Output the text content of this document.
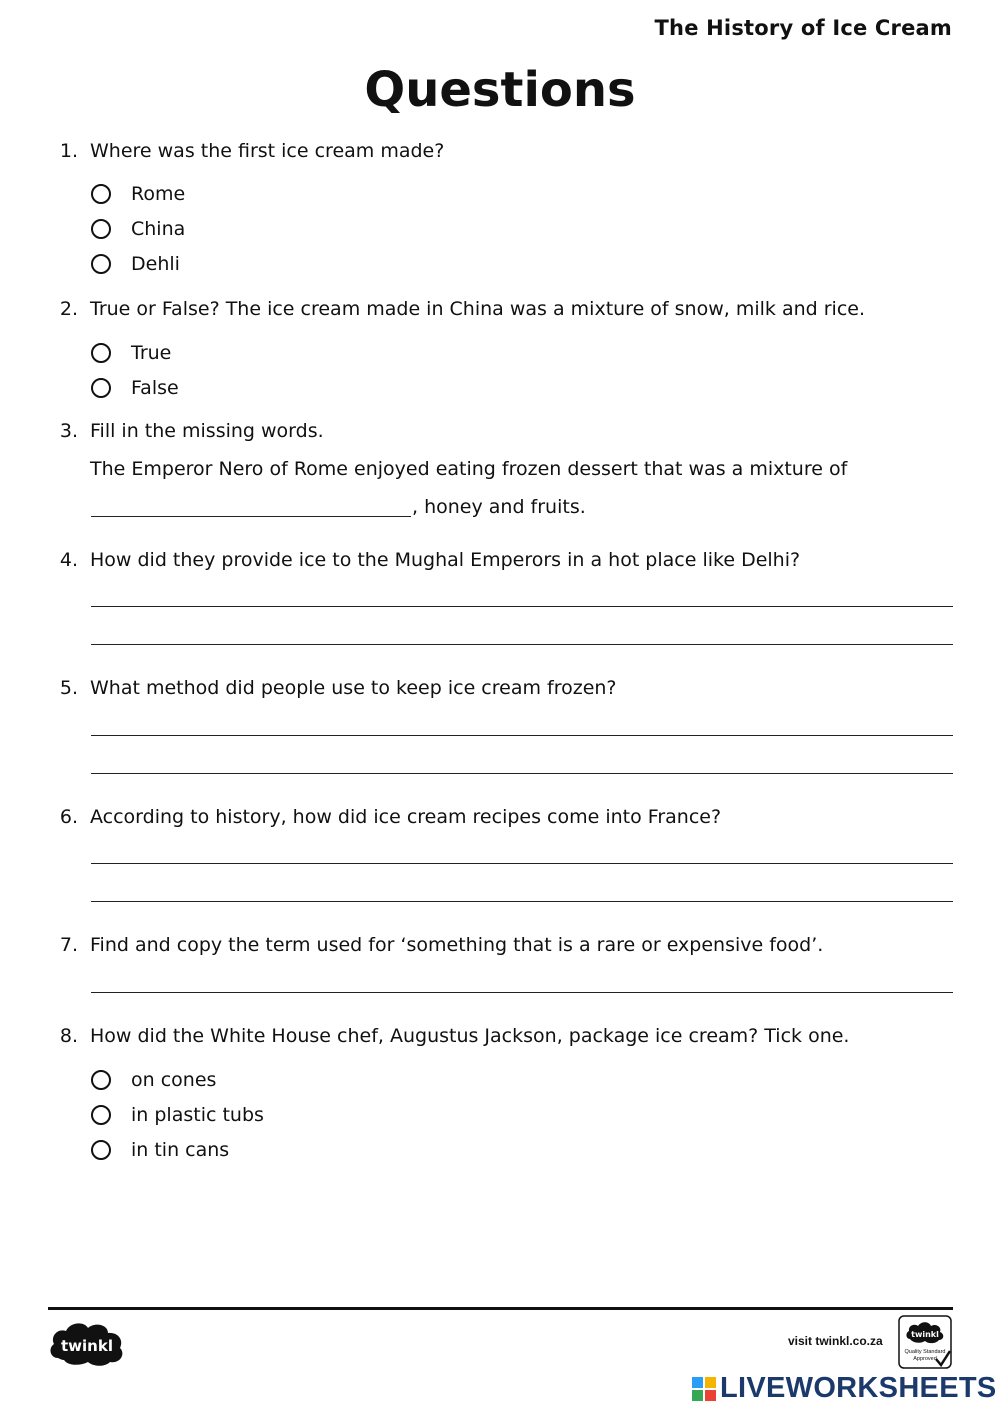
The History of Ice Cream
Questions
1. Where was the first ice cream made?
Rome
China
Dehli
2. True or False? The ice cream made in China was a mixture of snow, milk and rice.
True
False
3. Fill in the missing words.
The Emperor Nero of Rome enjoyed eating frozen dessert that was a mixture of
, honey and fruits.
4. How did they provide ice to the Mughal Emperors in a hot place like Delhi?
5. What method did people use to keep ice cream frozen?
6. According to history, how did ice cream recipes come into France?
7. Find and copy the term used for ‘something that is a rare or expensive food’.
8. How did the White House chef, Augustus Jackson, package ice cream? Tick one.
on cones
in plastic tubs
in tin cans
twinkl	visit twinkl.co.za	twinkl
Quality Standard
Approved
LIVEWORKSHEETS
